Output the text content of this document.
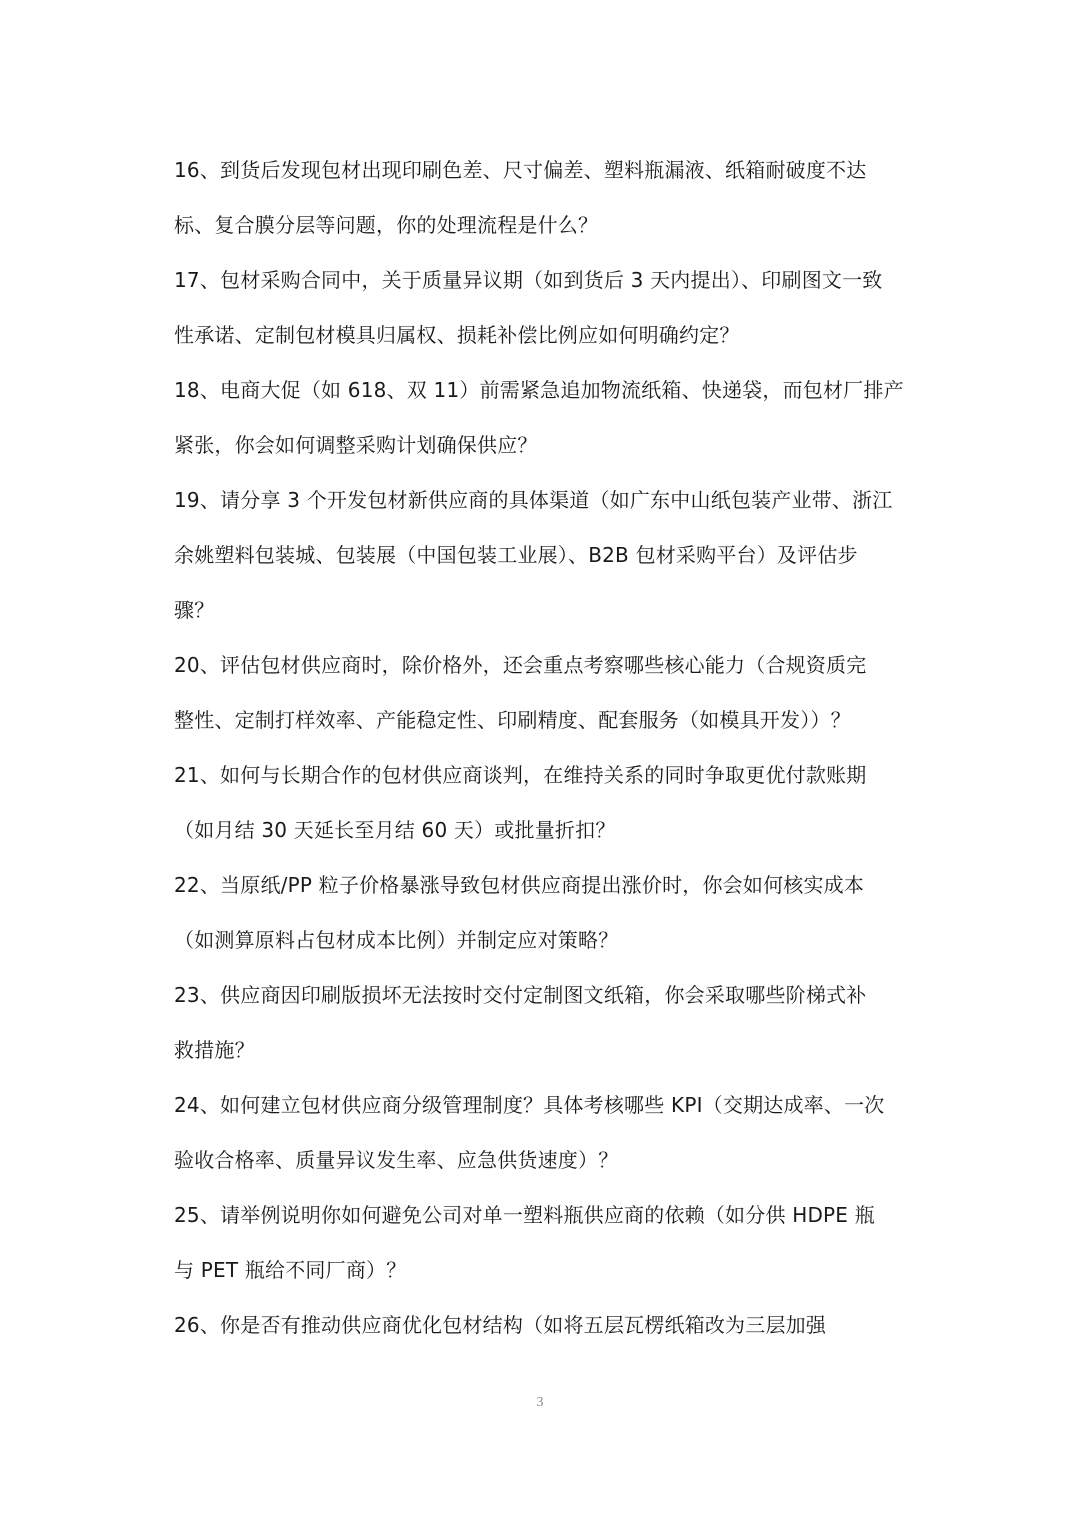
16、到货后发现包材出现印刷色差、尺寸偏差、塑料瓶漏液、纸箱耐破度不达
标、复合膜分层等问题，你的处理流程是什么？
17、包材采购合同中，关于质量异议期（如到货后 3 天内提出）、印刷图文一致
性承诺、定制包材模具归属权、损耗补偿比例应如何明确约定？
18、电商大促（如 618、双 11）前需紧急追加物流纸箱、快递袋，而包材厂排产
紧张，你会如何调整采购计划确保供应？
19、请分享 3 个开发包材新供应商的具体渠道（如广东中山纸包装产业带、浙江
余姚塑料包装城、包装展（中国包装工业展）、B2B 包材采购平台）及评估步
骤？
20、评估包材供应商时，除价格外，还会重点考察哪些核心能力（合规资质完
整性、定制打样效率、产能稳定性、印刷精度、配套服务（如模具开发））？
21、如何与长期合作的包材供应商谈判，在维持关系的同时争取更优付款账期
（如月结 30 天延长至月结 60 天）或批量折扣？
22、当原纸/PP 粒子价格暴涨导致包材供应商提出涨价时，你会如何核实成本
（如测算原料占包材成本比例）并制定应对策略？
23、供应商因印刷版损坏无法按时交付定制图文纸箱，你会采取哪些阶梯式补
救措施？
24、如何建立包材供应商分级管理制度？具体考核哪些 KPI（交期达成率、一次
验收合格率、质量异议发生率、应急供货速度）？
25、请举例说明你如何避免公司对单一塑料瓶供应商的依赖（如分供 HDPE 瓶
与 PET 瓶给不同厂商）？
26、你是否有推动供应商优化包材结构（如将五层瓦楞纸箱改为三层加强
3
